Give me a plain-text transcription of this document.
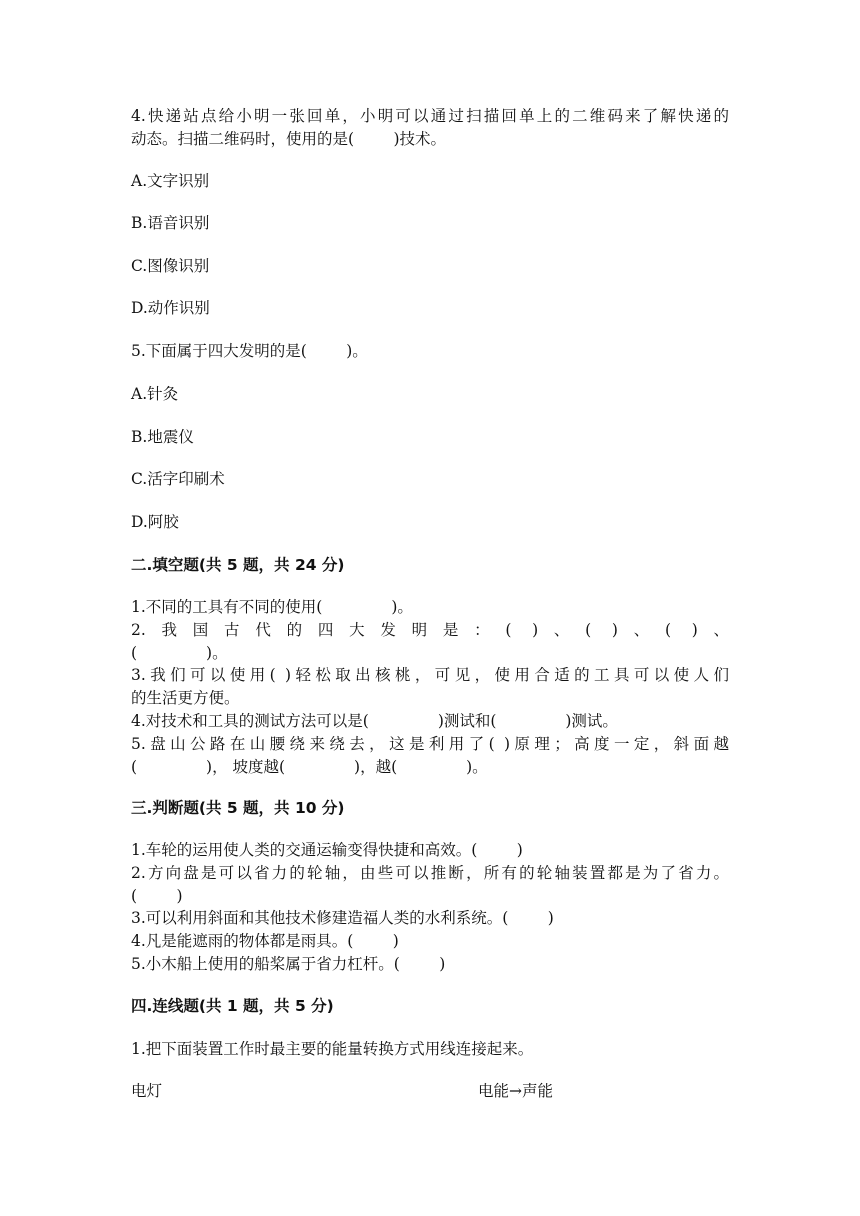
4.快递站点给小明一张回单，小明可以通过扫描回单上的二维码来了解快递的
动态。扫描二维码时，使用的是(        )技术。
A.文字识别
B.语音识别
C.图像识别
D.动作识别
5.下面属于四大发明的是(        )。
A.针灸
B.地震仪
C.活字印刷术
D.阿胶
二.填空题(共 5 题，共 24 分)
1.不同的工具有不同的使用(              )。
2.我国古代的四大发明是：( )、( )、( )、
(              )。
3.我们可以使用( )轻松取出核桃，可见，使用合适的工具可以使人们
的生活更方便。
4.对技术和工具的测试方法可以是(              )测试和(              )测试。
5.盘山公路在山腰绕来绕去，这是利用了( )原理；高度一定，斜面越
(              )， 坡度越(              )，越(              )。
三.判断题(共 5 题，共 10 分)
1.车轮的运用使人类的交通运输变得快捷和高效。(        )
2.方向盘是可以省力的轮轴，由些可以推断，所有的轮轴装置都是为了省力。
(        )
3.可以利用斜面和其他技术修建造福人类的水利系统。(        )
4.凡是能遮雨的物体都是雨具。(        )
5.小木船上使用的船桨属于省力杠杆。(        )
四.连线题(共 1 题，共 5 分)
1.把下面装置工作时最主要的能量转换方式用线连接起来。
电灯	电能→声能
